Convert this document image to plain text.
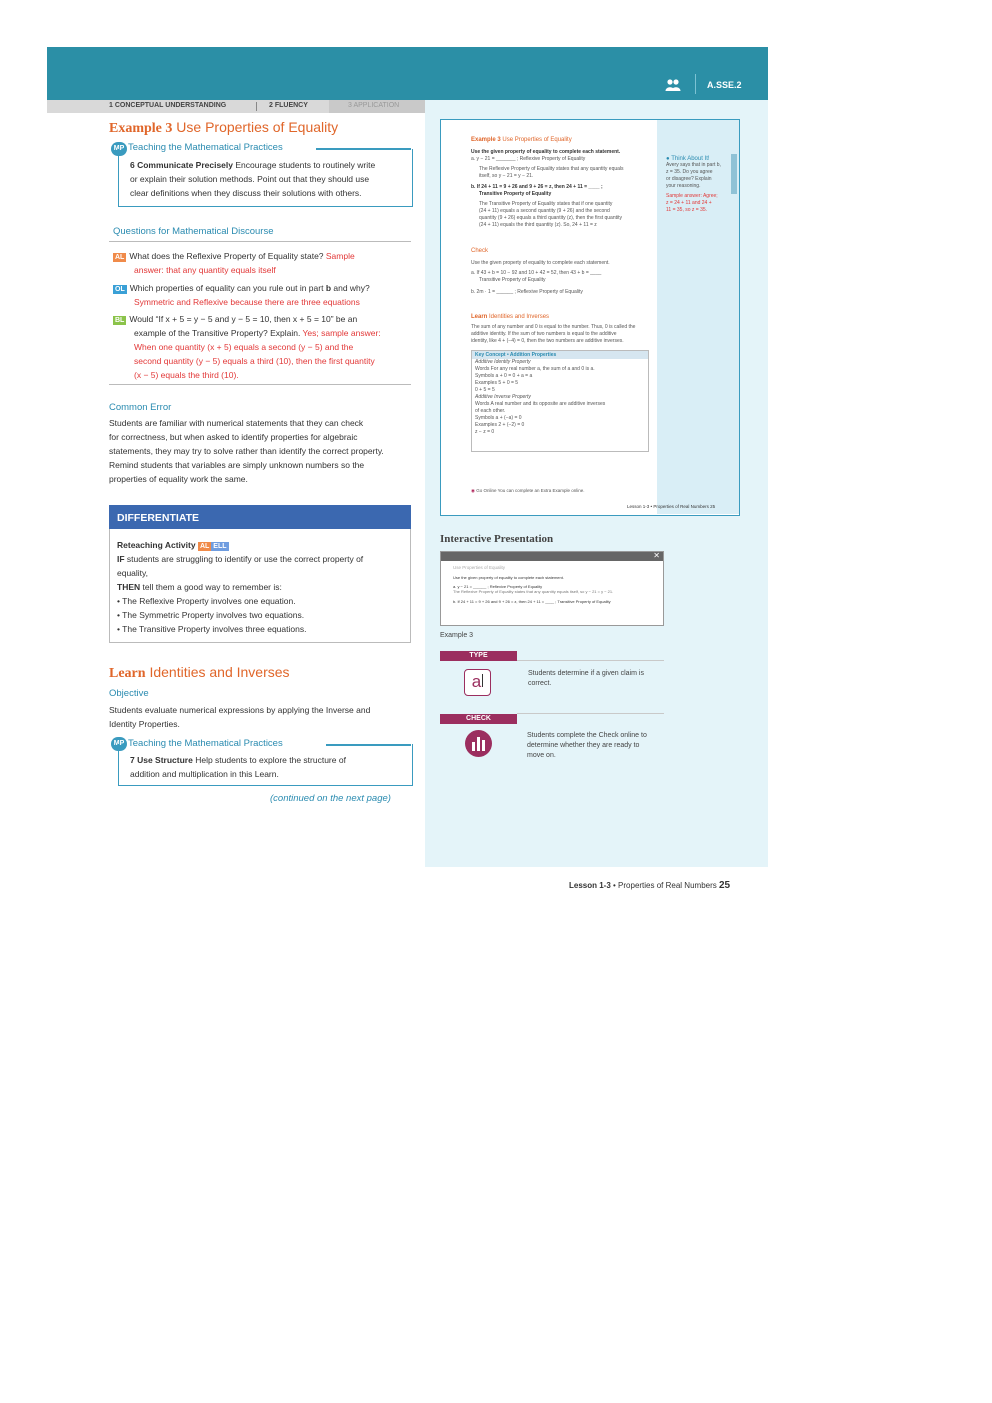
A.SSE.2
1 CONCEPTUAL UNDERSTANDING	2 FLUENCY	3 APPLICATION
Example 3 Use Properties of Equality
MP Teaching the Mathematical Practices
6 Communicate Precisely Encourage students to routinely write
or explain their solution methods. Point out that they should use
clear definitions when they discuss their solutions with others.
Questions for Mathematical Discourse
AL What does the Reflexive Property of Equality state? Sample
answer: that any quantity equals itself
OL Which properties of equality can you rule out in part b and why?
Symmetric and Reflexive because there are three equations
BL Would “If x + 5 = y − 5 and y − 5 = 10, then x + 5 = 10” be an
example of the Transitive Property? Explain. Yes; sample answer:
When one quantity (x + 5) equals a second (y − 5) and the
second quantity (y − 5) equals a third (10), then the first quantity
(x − 5) equals the third (10).
Common Error
Students are familiar with numerical statements that they can check
for correctness, but when asked to identify properties for algebraic
statements, they may try to solve rather than identify the correct property.
Remind students that variables are simply unknown numbers so the
properties of equality work the same.
DIFFERENTIATE
Reteaching Activity AL ELL
IF students are struggling to identify or use the correct property of
equality,
THEN tell them a good way to remember is:
• The Reflexive Property involves one equation.
• The Symmetric Property involves two equations.
• The Transitive Property involves three equations.
Learn Identities and Inverses
Objective
Students evaluate numerical expressions by applying the Inverse and
Identity Properties.
MP Teaching the Mathematical Practices
7 Use Structure Help students to explore the structure of
addition and multiplication in this Learn.
(continued on the next page)
Example 3 Use Properties of Equality
Use the given property of equality to complete each statement.
a. y − 21 = _______ ; Reflexive Property of Equality
The Reflexive Property of Equality states that any quantity equals
itself, so y − 21 = y − 21.
b. If 24 + 11 = 9 + 26 and 9 + 26 = z, then 24 + 11 = ____ ;
Transitive Property of Equality
The Transitive Property of Equality states that if one quantity
(24 + 11) equals a second quantity (9 + 26) and the second
quantity (9 + 26) equals a third quantity (z), then the first quantity
(24 + 11) equals the third quantity (z). So, 24 + 11 = z
Check
Use the given property of equality to complete each statement.
a. If 43 + b = 10 − 92 and 10 + 42 = 52, then 43 + b = ____
Transitive Property of Equality
b. 2m · 1 = ______ ; Reflexive Property of Equality
Learn Identities and Inverses
The sum of any number and 0 is equal to the number. Thus, 0 is called the
additive identity. If the sum of two numbers is equal to the additive
identity, like 4 + (−4) = 0, then the two numbers are additive inverses.
Key Concept • Addition Properties
Additive Identity Property
Words For any real number a, the sum of a and 0 is a.
Symbols a + 0 = 0 + a = a
Examples 5 + 0 = 5
0 + 5 = 5
Additive Inverse Property
Words A real number and its opposite are additive inverses
of each other.
Symbols a + (−a) = 0
Examples 2 + (−2) = 0
z − z = 0
◉ Go Online You can complete an Extra Example online.
Lesson 1-3 • Properties of Real Numbers 25
● Think About It!
Avery says that in part b,
z = 35. Do you agree
or disagree? Explain
your reasoning.
Sample answer: Agree;
z = 24 + 11 and 24 +
11 = 35, so z = 35.
Interactive Presentation
✕
Use Properties of Equality
Use the given property of equality to complete each statement.
a. y − 21 = ______ ; Reflexive Property of Equality
The Reflexive Property of Equality states that any quantity equals itself, so y − 21 = y − 21.
b. If 24 + 11 = 9 + 26 and 9 + 26 = z, then 24 + 11 = ____ ; Transitive Property of Equality
Example 3
TYPE
a	Students determine if a given claim is
correct.
CHECK
Students complete the Check online to
determine whether they are ready to
move on.
Lesson 1-3 • Properties of Real Numbers 25
